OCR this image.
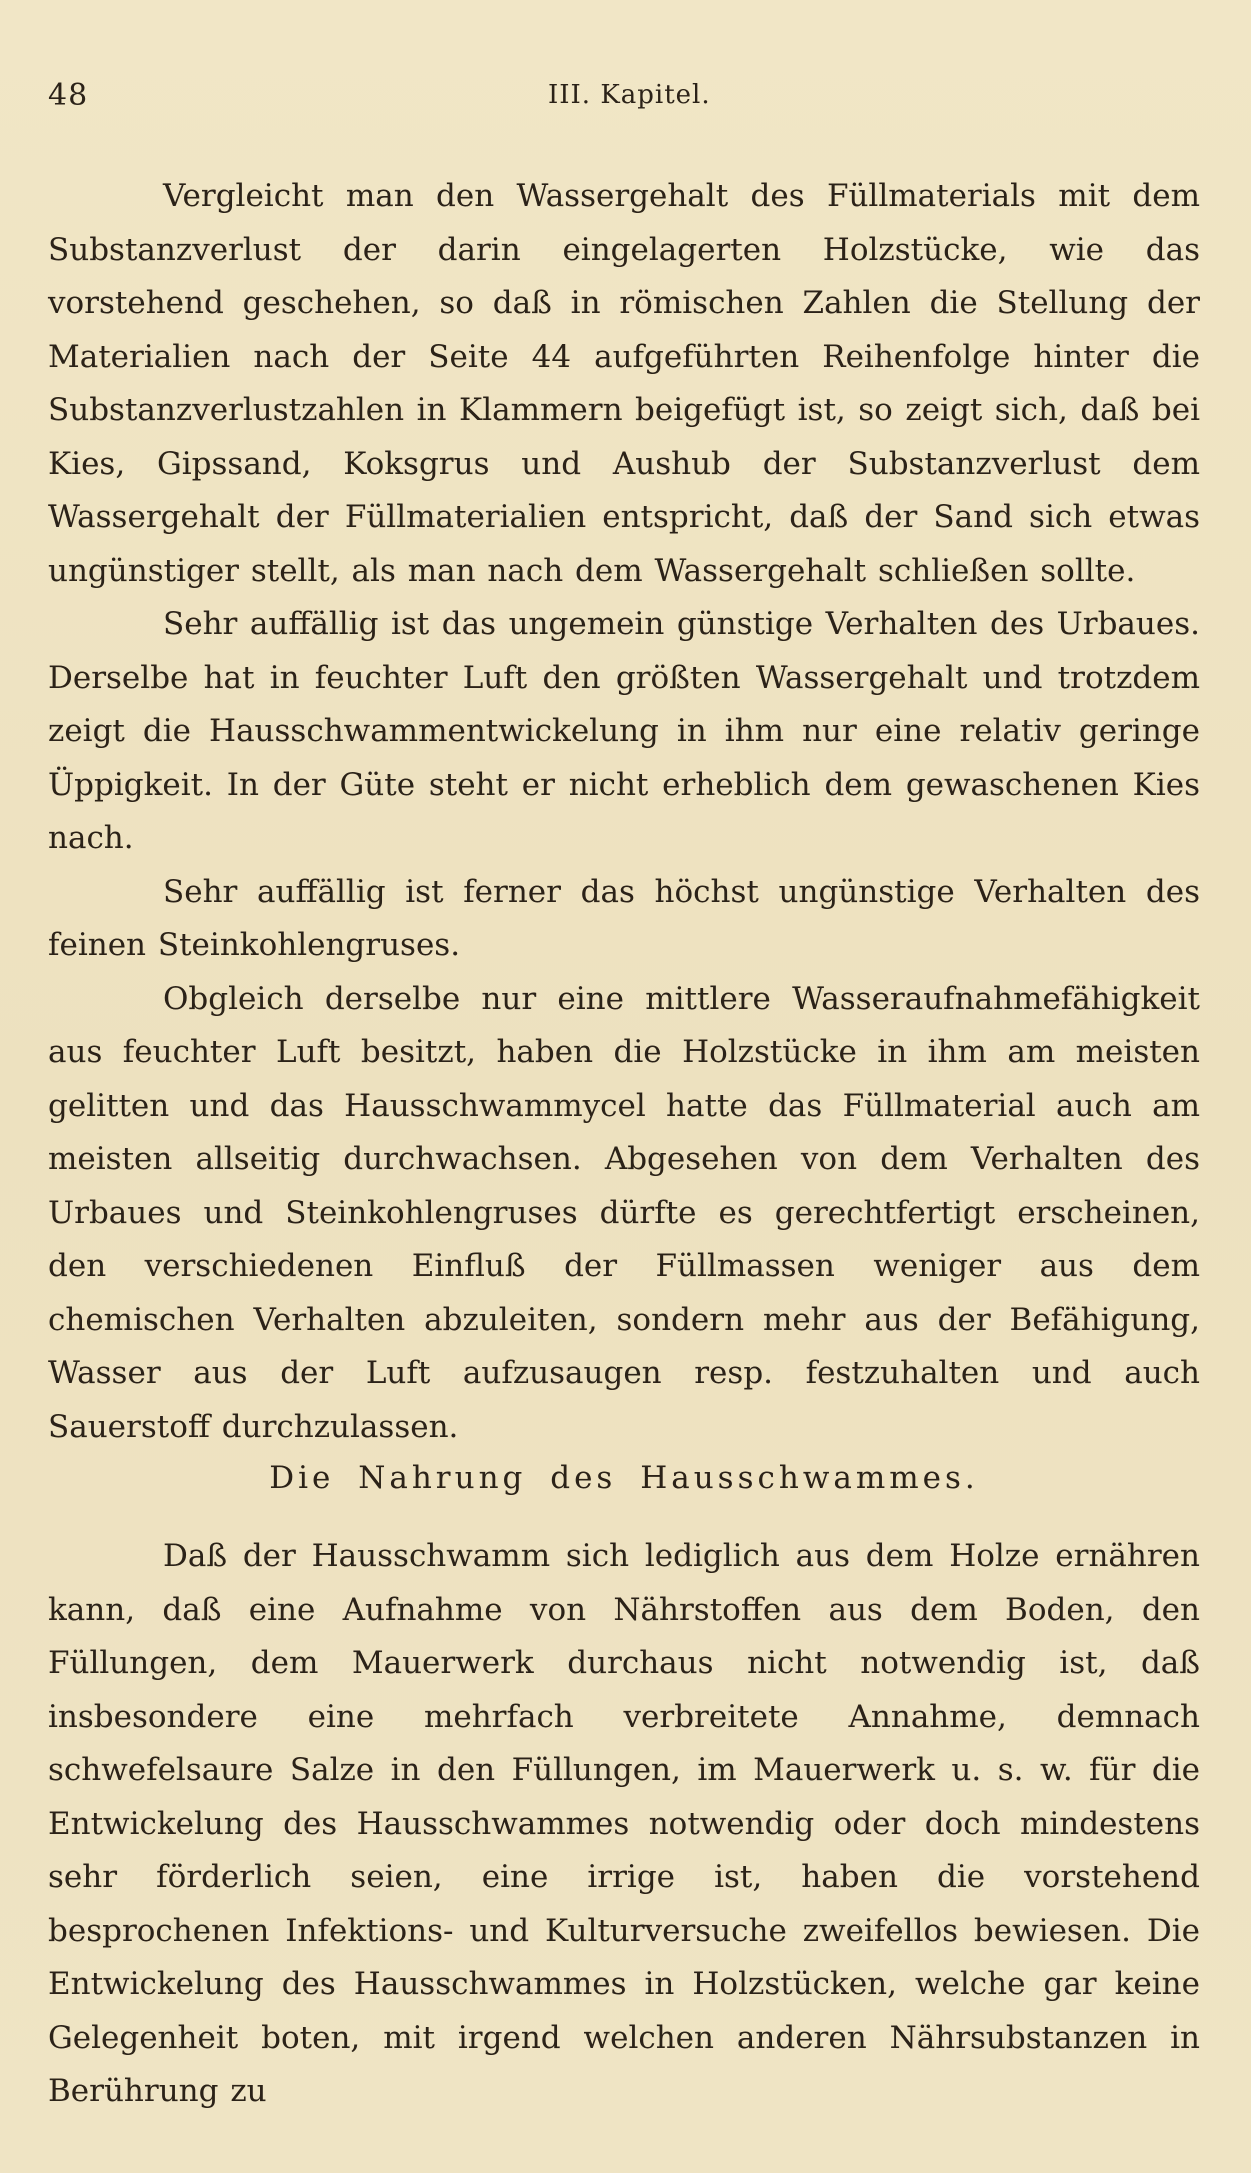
48	III. Kapitel.

Vergleicht man den Wassergehalt des Füllmaterials mit dem Substanzverlust der darin eingelagerten Holzstücke, wie das vorstehend geschehen, so daß in römischen Zahlen die Stellung der Materialien nach der Seite 44 aufgeführten Reihenfolge hinter die Substanzverlustzahlen in Klammern beigefügt ist, so zeigt sich, daß bei Kies, Gipssand, Koksgrus und Aushub der Substanzverlust dem Wassergehalt der Füllmaterialien entspricht, daß der Sand sich etwas ungünstiger stellt, als man nach dem Wassergehalt schließen sollte.

Sehr auffällig ist das ungemein günstige Verhalten des Urbaues. Derselbe hat in feuchter Luft den größten Wassergehalt und trotzdem zeigt die Hausschwammentwickelung in ihm nur eine relativ geringe Üppigkeit. In der Güte steht er nicht erheblich dem gewaschenen Kies nach.

Sehr auffällig ist ferner das höchst ungünstige Verhalten des feinen Steinkohlengruses.

Obgleich derselbe nur eine mittlere Wasseraufnahmefähigkeit aus feuchter Luft besitzt, haben die Holzstücke in ihm am meisten gelitten und das Hausschwammycel hatte das Füllmaterial auch am meisten allseitig durchwachsen. Abgesehen von dem Verhalten des Urbaues und Steinkohlengruses dürfte es gerechtfertigt erscheinen, den verschiedenen Einfluß der Füllmassen weniger aus dem chemischen Verhalten abzuleiten, sondern mehr aus der Befähigung, Wasser aus der Luft aufzusaugen resp. festzuhalten und auch Sauerstoff durchzulassen.

Die Nahrung des Hausschwammes.

Daß der Hausschwamm sich lediglich aus dem Holze ernähren kann, daß eine Aufnahme von Nährstoffen aus dem Boden, den Füllungen, dem Mauerwerk durchaus nicht notwendig ist, daß insbesondere eine mehrfach verbreitete Annahme, demnach schwefelsaure Salze in den Füllungen, im Mauerwerk u. s. w. für die Entwickelung des Hausschwammes notwendig oder doch mindestens sehr förderlich seien, eine irrige ist, haben die vorstehend besprochenen Infektions- und Kulturversuche zweifellos bewiesen. Die Entwickelung des Hausschwammes in Holzstücken, welche gar keine Gelegenheit boten, mit irgend welchen anderen Nährsubstanzen in Berührung zu
